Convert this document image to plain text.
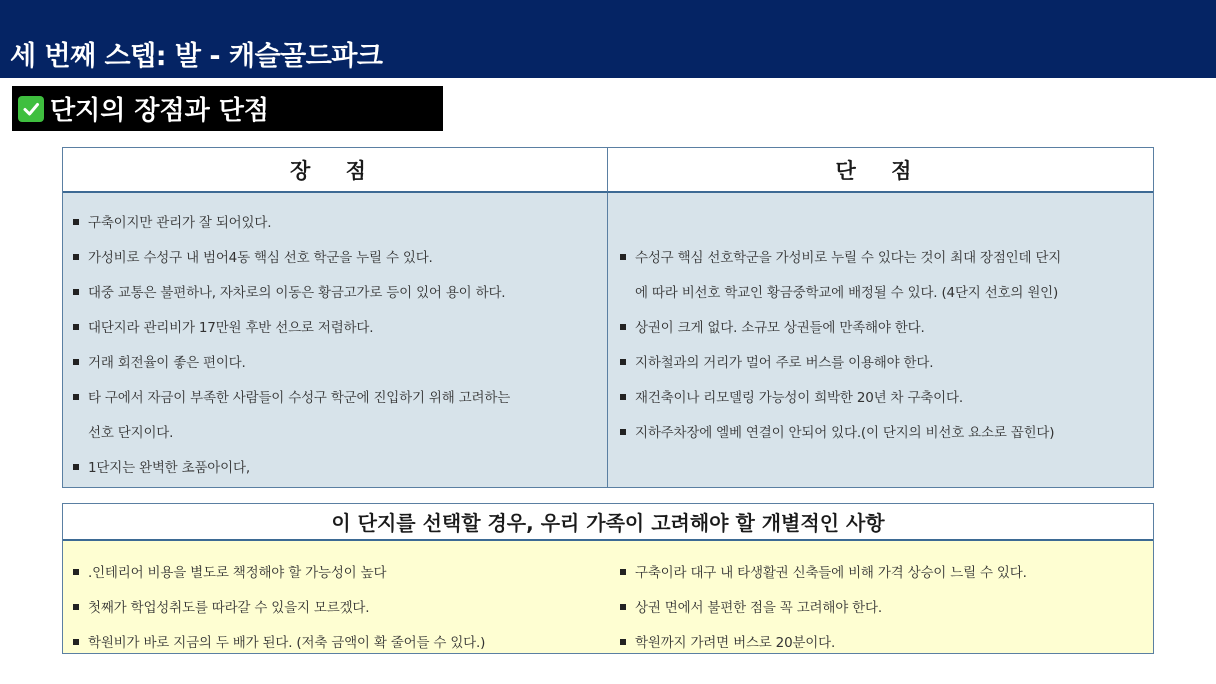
세 번째 스텝: 발 - 캐슬골드파크
단지의 장점과 단점
장 점	단 점
구축이지만 관리가 잘 되어있다.
가성비로 수성구 내 범어4동 핵심 선호 학군을 누릴 수 있다.
대중 교통은 불편하나, 자차로의 이동은 황금고가로 등이 있어 용이 하다.
대단지라 관리비가 17만원 후반 선으로 저렴하다.
거래 회전율이 좋은 편이다.
타 구에서 자금이 부족한 사람들이 수성구 학군에 진입하기 위해 고려하는
선호 단지이다.
1단지는 완벽한 초품아이다,
수성구 핵심 선호학군을 가성비로 누릴 수 있다는 것이 최대 장점인데 단지
에 따라 비선호 학교인 황금중학교에 배정될 수 있다. (4단지 선호의 원인)
상권이 크게 없다. 소규모 상권들에 만족해야 한다.
지하철과의 거리가 멀어 주로 버스를 이용해야 한다.
재건축이나 리모델링 가능성이 희박한 20년 차 구축이다.
지하주차장에 엘베 연결이 안되어 있다.(이 단지의 비선호 요소로 꼽힌다)
이 단지를 선택할 경우, 우리 가족이 고려해야 할 개별적인 사항
.인테리어 비용을 별도로 책정해야 할 가능성이 높다
첫째가 학업성취도를 따라갈 수 있을지 모르겠다.
학원비가 바로 지금의 두 배가 된다. (저축 금액이 확 줄어들 수 있다.)
구축이라 대구 내 타생활권 신축들에 비해 가격 상승이 느릴 수 있다.
상권 면에서 불편한 점을 꼭 고려해야 한다.
학원까지 가려면 버스로 20분이다.
